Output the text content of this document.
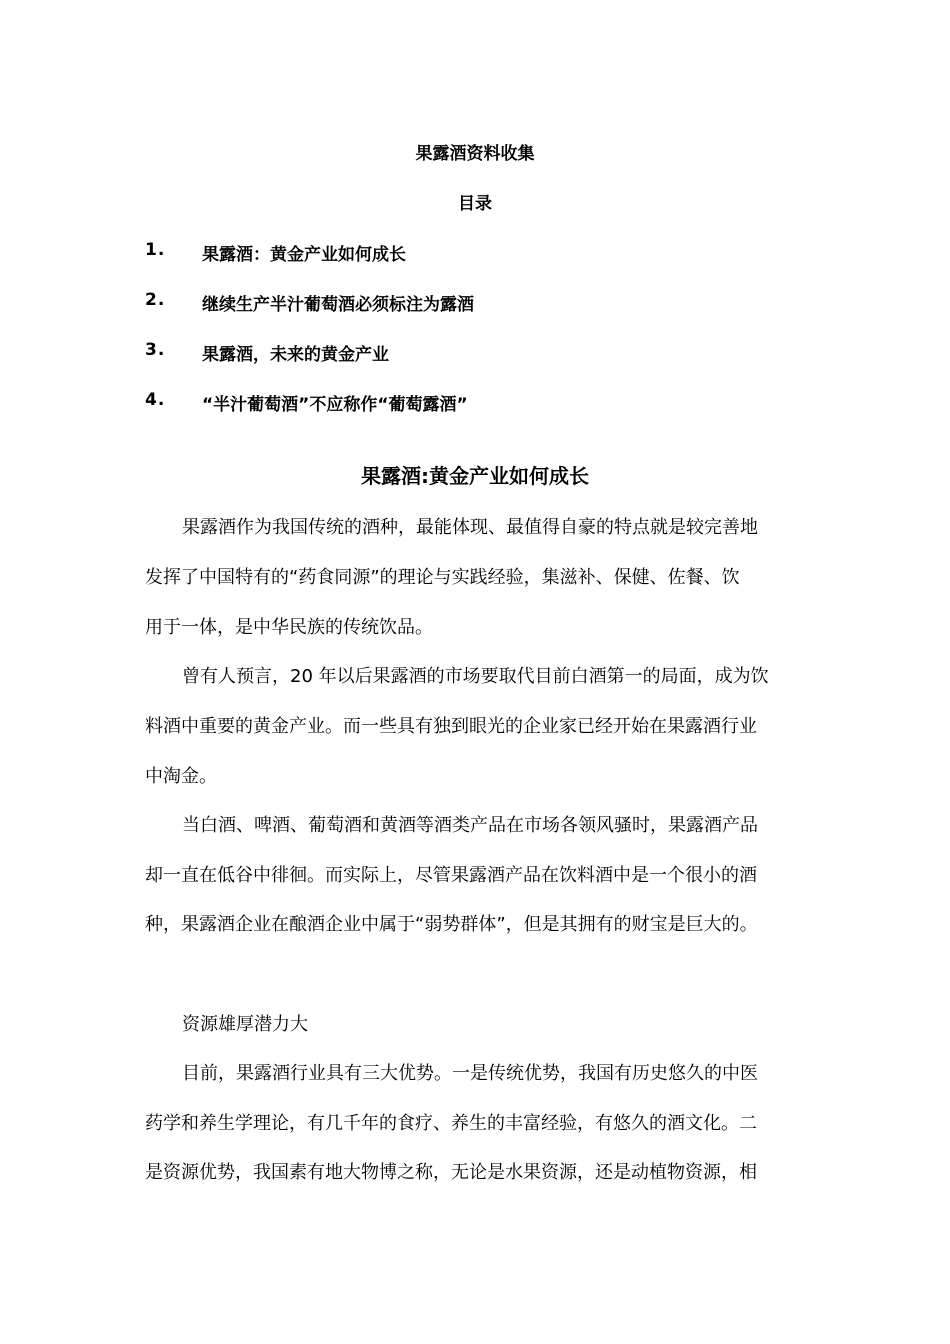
果露酒资料收集
目录
1. 果露酒：黄金产业如何成长
2. 继续生产半汁葡萄酒必须标注为露酒
3. 果露酒，未来的黄金产业
4. “半汁葡萄酒”不应称作“葡萄露酒”
果露酒:黄金产业如何成长
果露酒作为我国传统的酒种，最能体现、最值得自豪的特点就是较完善地
发挥了中国特有的“药食同源”的理论与实践经验，集滋补、保健、佐餐、饮
用于一体，是中华民族的传统饮品。
曾有人预言，20 年以后果露酒的市场要取代目前白酒第一的局面，成为饮
料酒中重要的黄金产业。而一些具有独到眼光的企业家已经开始在果露酒行业
中淘金。
当白酒、啤酒、葡萄酒和黄酒等酒类产品在市场各领风骚时，果露酒产品
却一直在低谷中徘徊。而实际上，尽管果露酒产品在饮料酒中是一个很小的酒
种，果露酒企业在酿酒企业中属于“弱势群体”，但是其拥有的财宝是巨大的。
资源雄厚潜力大
目前，果露酒行业具有三大优势。一是传统优势，我国有历史悠久的中医
药学和养生学理论，有几千年的食疗、养生的丰富经验，有悠久的酒文化。二
是资源优势，我国素有地大物博之称，无论是水果资源，还是动植物资源，相
